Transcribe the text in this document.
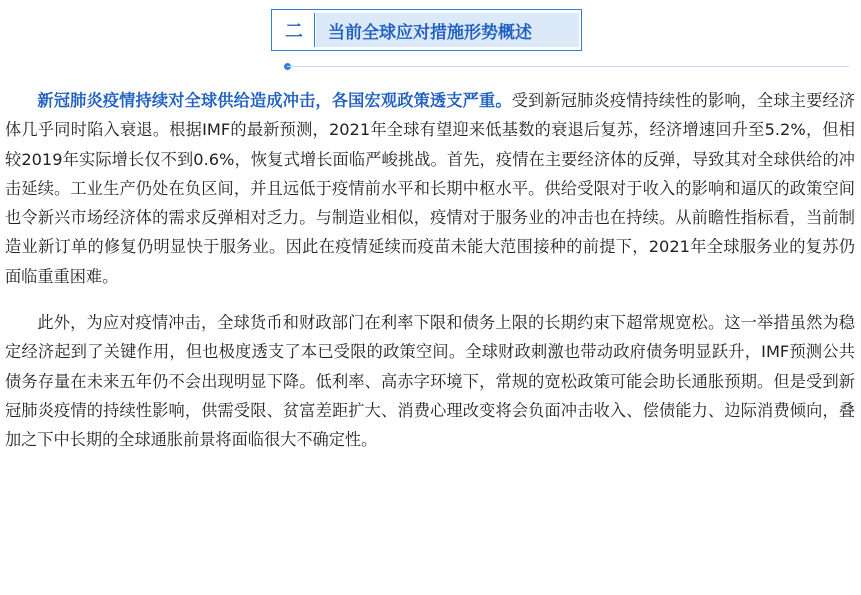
二	当前全球应对措施形势概述

新冠肺炎疫情持续对全球供给造成冲击，各国宏观政策透支严重。受到新冠肺炎疫情持续性的影响，全球主要经济体几乎同时陷入衰退。根据IMF的最新预测，2021年全球有望迎来低基数的衰退后复苏，经济增速回升至5.2%，但相较2019年实际增长仅不到0.6%，恢复式增长面临严峻挑战。首先，疫情在主要经济体的反弹，导致其对全球供给的冲击延续。工业生产仍处在负区间，并且远低于疫情前水平和长期中枢水平。供给受限对于收入的影响和逼仄的政策空间也令新兴市场经济体的需求反弹相对乏力。与制造业相似，疫情对于服务业的冲击也在持续。从前瞻性指标看，当前制造业新订单的修复仍明显快于服务业。因此在疫情延续而疫苗未能大范围接种的前提下，2021年全球服务业的复苏仍面临重重困难。

此外，为应对疫情冲击，全球货币和财政部门在利率下限和债务上限的长期约束下超常规宽松。这一举措虽然为稳定经济起到了关键作用，但也极度透支了本已受限的政策空间。全球财政刺激也带动政府债务明显跃升，IMF预测公共债务存量在未来五年仍不会出现明显下降。低利率、高赤字环境下，常规的宽松政策可能会助长通胀预期。但是受到新冠肺炎疫情的持续性影响，供需受限、贫富差距扩大、消费心理改变将会负面冲击收入、偿债能力、边际消费倾向，叠加之下中长期的全球通胀前景将面临很大不确定性。
